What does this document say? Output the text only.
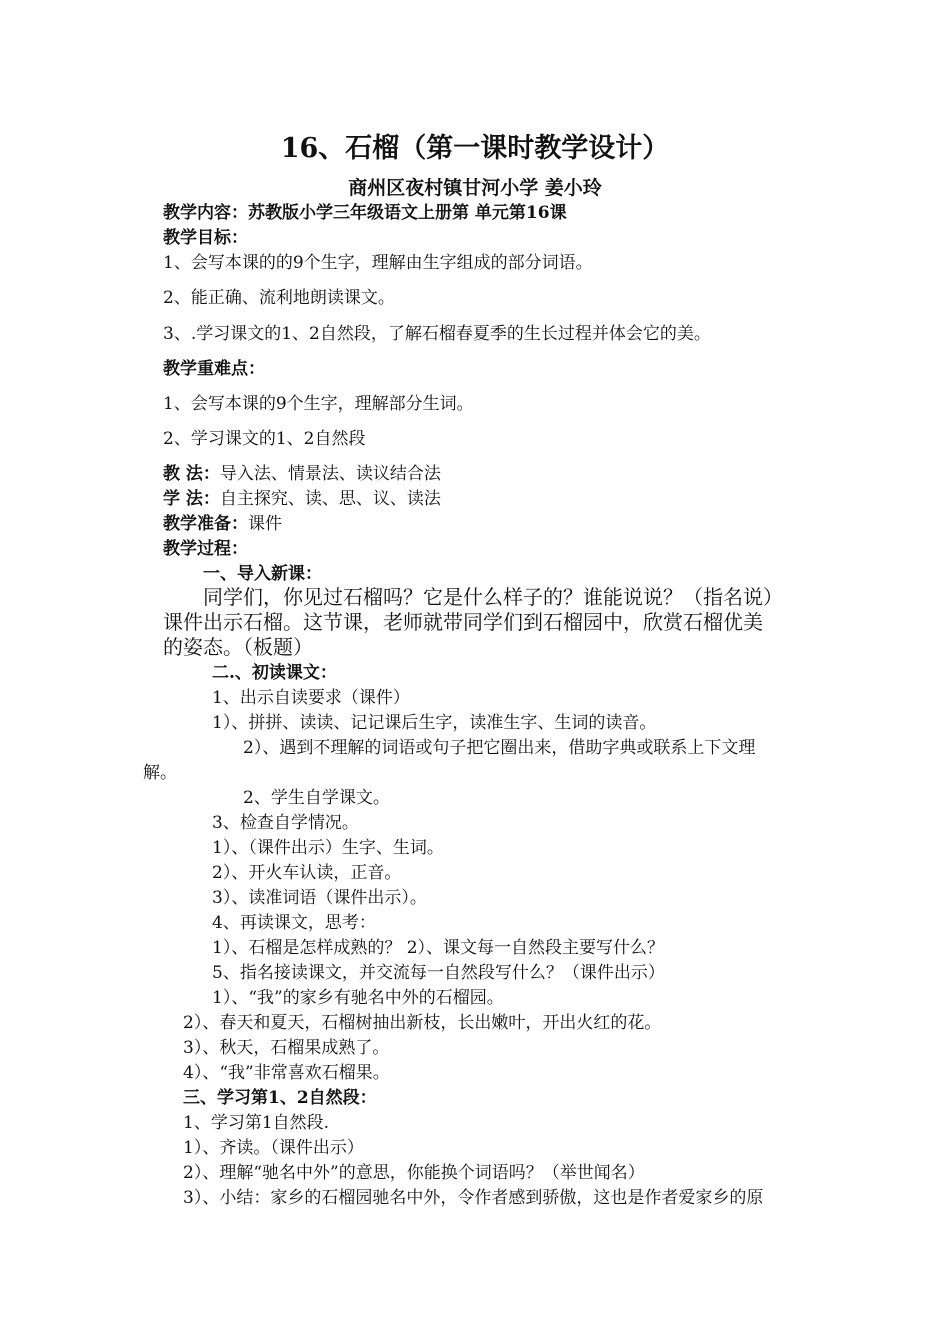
16、石榴（第一课时教学设计）
商州区夜村镇甘河小学 姜小玲
教学内容：苏教版小学三年级语文上册第 单元第16课
教学目标：
1、会写本课的的9个生字，理解由生字组成的部分词语。
2、能正确、流利地朗读课文。
3、.学习课文的1、2自然段，了解石榴春夏季的生长过程并体会它的美。
教学重难点：
1、会写本课的9个生字，理解部分生词。
2、学习课文的1、2自然段
教 法：导入法、情景法、读议结合法
学 法：自主探究、读、思、议、读法
教学准备：课件
教学过程：
一、导入新课：
同学们，你见过石榴吗？它是什么样子的？谁能说说？（指名说）
课件出示石榴。这节课，老师就带同学们到石榴园中，欣赏石榴优美
的姿态。（板题）
二.、初读课文：
1、出示自读要求（课件）
1）、拼拼、读读、记记课后生字，读准生字、生词的读音。
2）、遇到不理解的词语或句子把它圈出来，借助字典或联系上下文理
解。
2、学生自学课文。
3、检查自学情况。
1）、（课件出示）生字、生词。
2）、开火车认读，正音。
3）、读准词语（课件出示）。
4、再读课文，思考：
1）、石榴是怎样成熟的？ 2）、课文每一自然段主要写什么？
5、指名接读课文，并交流每一自然段写什么？（课件出示）
1）、“我”的家乡有驰名中外的石榴园。
2）、春天和夏天，石榴树抽出新枝，长出嫩叶，开出火红的花。
3）、秋天，石榴果成熟了。
4）、“我”非常喜欢石榴果。
三、学习第1、2自然段：
1、学习第1自然段.
1）、齐读。（课件出示）
2）、理解“驰名中外”的意思，你能换个词语吗？（举世闻名）
3）、小结：家乡的石榴园驰名中外，令作者感到骄傲，这也是作者爱家乡的原
